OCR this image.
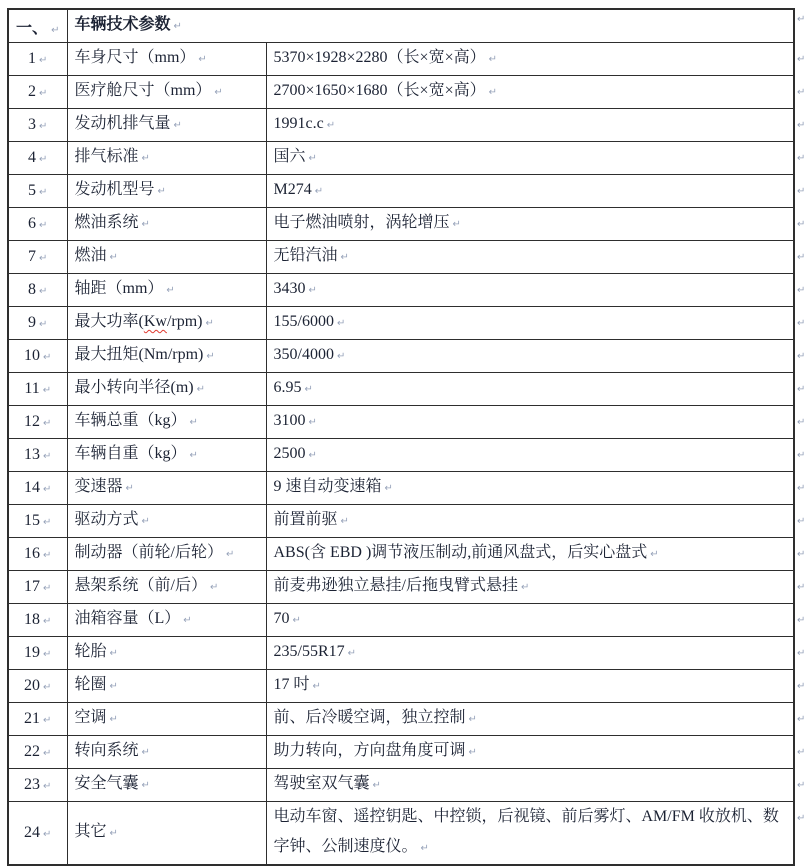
一、 ↵	车辆技术参数 ↵		↵
1 ↵	车身尺寸（mm） ↵	5370×1928×2280（长×宽×高） ↵	↵
2 ↵	医疗舱尺寸（mm） ↵	2700×1650×1680（长×宽×高） ↵	↵
3 ↵	发动机排气量 ↵	1991c.c ↵	↵
4 ↵	排气标准 ↵	国六 ↵	↵
5 ↵	发动机型号 ↵	M274 ↵	↵
6 ↵	燃油系统 ↵	电子燃油喷射，涡轮增压 ↵	↵
7 ↵	燃油 ↵	无铅汽油 ↵	↵
8 ↵	轴距（mm） ↵	3430 ↵	↵
9 ↵	最大功率(Kw/rpm) ↵	155/6000 ↵	↵
10 ↵	最大扭矩(Nm/rpm) ↵	350/4000 ↵	↵
11 ↵	最小转向半径(m) ↵	6.95 ↵	↵
12 ↵	车辆总重（kg） ↵	3100 ↵	↵
13 ↵	车辆自重（kg） ↵	2500 ↵	↵
14 ↵	变速器 ↵	9 速自动变速箱 ↵	↵
15 ↵	驱动方式 ↵	前置前驱 ↵	↵
16 ↵	制动器（前轮/后轮） ↵	ABS(含 EBD )调节液压制动,前通风盘式，后实心盘式 ↵	↵
17 ↵	悬架系统（前/后） ↵	前麦弗逊独立悬挂/后拖曳臂式悬挂 ↵	↵
18 ↵	油箱容量（L） ↵	70 ↵	↵
19 ↵	轮胎 ↵	235/55R17 ↵	↵
20 ↵	轮圈 ↵	17 吋 ↵	↵
21 ↵	空调 ↵	前、后冷暖空调，独立控制 ↵	↵
22 ↵	转向系统 ↵	助力转向，方向盘角度可调 ↵	↵
23 ↵	安全气囊 ↵	驾驶室双气囊 ↵	↵
24 ↵	其它 ↵	电动车窗、遥控钥匙、中控锁，后视镜、前后雾灯、AM/FM 收放机、数字钟、公制速度仪。 ↵	↵
